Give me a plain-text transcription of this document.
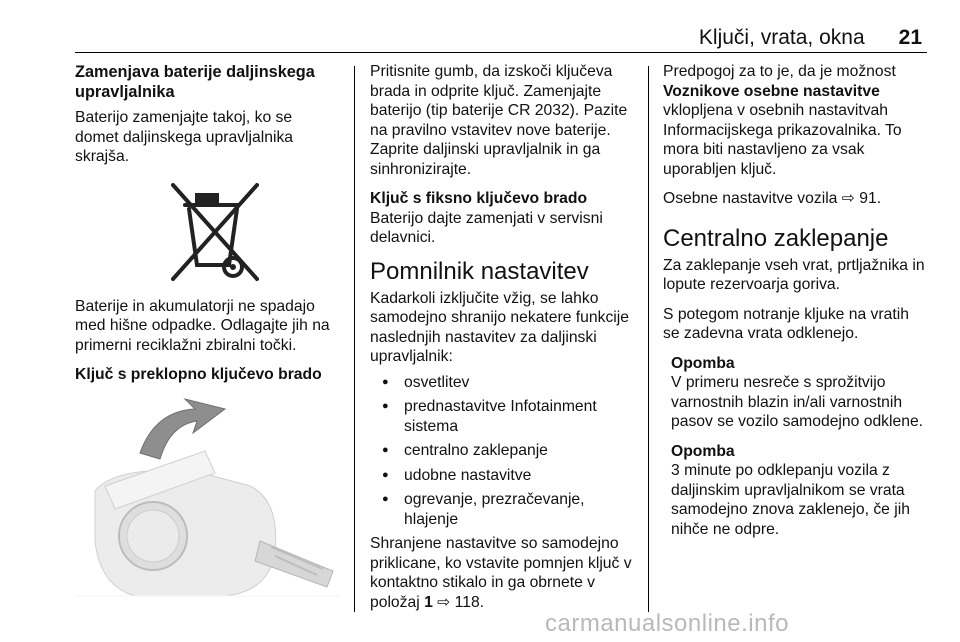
Ključi, vrata, okna 21
Zamenjava baterije daljinskega upravljalnika

Baterijo zamenjajte takoj, ko se domet daljinskega upravljalnika skrajša.

Baterije in akumulatorji ne spadajo med hišne odpadke. Odlagajte jih na primerni reciklažni zbiralni točki.

Ključ s preklopno ključevo brado

Pritisnite gumb, da izskoči ključeva brada in odprite ključ. Zamenjajte baterijo (tip baterije CR 2032). Pazite na pravilno vstavitev nove baterije. Zaprite daljinski upravljalnik in ga sinhronizirajte.

Ključ s fiksno ključevo brado

Baterijo dajte zamenjati v servisni delavnici.

Pomnilnik nastavitev

Kadarkoli izključite vžig, se lahko samodejno shranijo nekatere funkcije naslednjih nastavitev za daljinski upravljalnik:

● osvetlitev
● prednastavitve Infotainment sistema
● centralno zaklepanje
● udobne nastavitve
● ogrevanje, prezračevanje, hlajenje

Shranjene nastavitve so samodejno priklicane, ko vstavite pomnjen ključ v kontaktno stikalo in ga obrnete v položaj 1 ⇨ 118.

Predpogoj za to je, da je možnost
Voznikove osebne nastavitve
vklopljena v osebnih nastavitvah Informacijskega prikazovalnika. To mora biti nastavljeno za vsak uporabljen ključ.

Osebne nastavitve vozila ⇨ 91.

Centralno zaklepanje

Za zaklepanje vseh vrat, prtljažnika in lopute rezervoarja goriva.

S potegom notranje kljuke na vratih se zadevna vrata odklenejo.

Opomba
V primeru nesreče s sprožitvijo varnostnih blazin in/ali varnostnih pasov se vozilo samodejno odklene.
Opomba
3 minute po odklepanju vozila z daljinskim upravljalnikom se vrata samodejno znova zaklenejo, če jih nihče ne odpre.
carmanualsonline.info
